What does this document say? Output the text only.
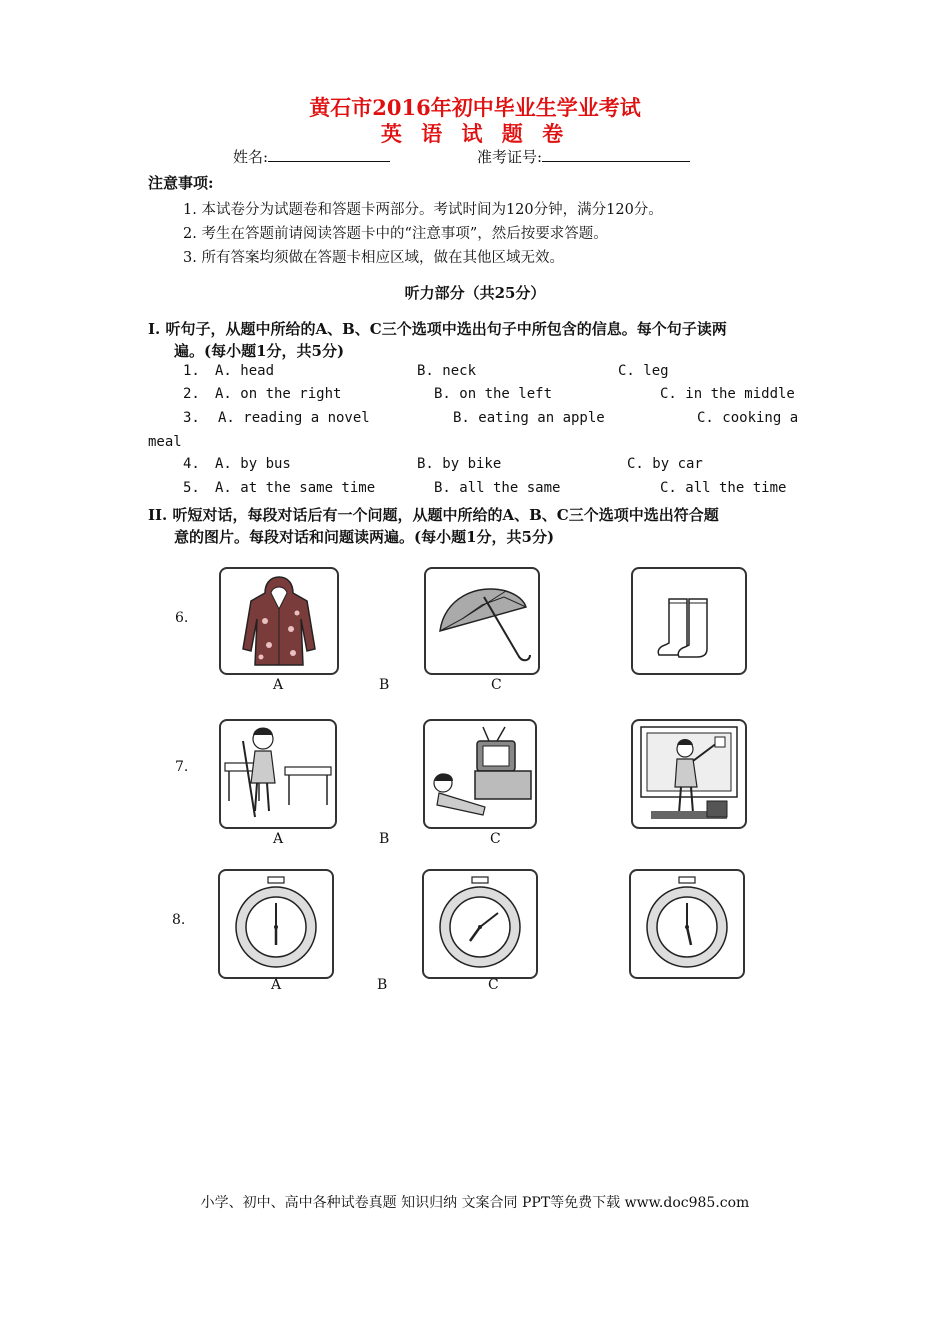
黄石市2016年初中毕业生学业考试
英 语 试 题 卷
姓名:	准考证号:
注意事项:
1. 本试卷分为试题卷和答题卡两部分。考试时间为120分钟，满分120分。
2. 考生在答题前请阅读答题卡中的“注意事项”，然后按要求答题。
3. 所有答案均须做在答题卡相应区域，做在其他区域无效。
听力部分（共25分）
I. 听句子，从题中所给的A、B、C三个选项中选出句子中所包含的信息。每个句子读两
遍。(每小题1分，共5分)
1. A. head	B. neck	C. leg
2. A. on the right	B. on the left	C. in the middle
3. A. reading a novel	B. eating an apple	C. cooking a
meal
4. A. by bus	B. by bike	C. by car
5. A. at the same time	B. all the same	C. all the time
II. 听短对话，每段对话后有一个问题，从题中所给的A、B、C三个选项中选出符合题
意的图片。每段对话和问题读两遍。(每小题1分，共5分)
6.
A	B	C
7.
A	B	C
8.
A	B	C
小学、初中、高中各种试卷真题 知识归纳 文案合同 PPT等免费下载 www.doc985.com
